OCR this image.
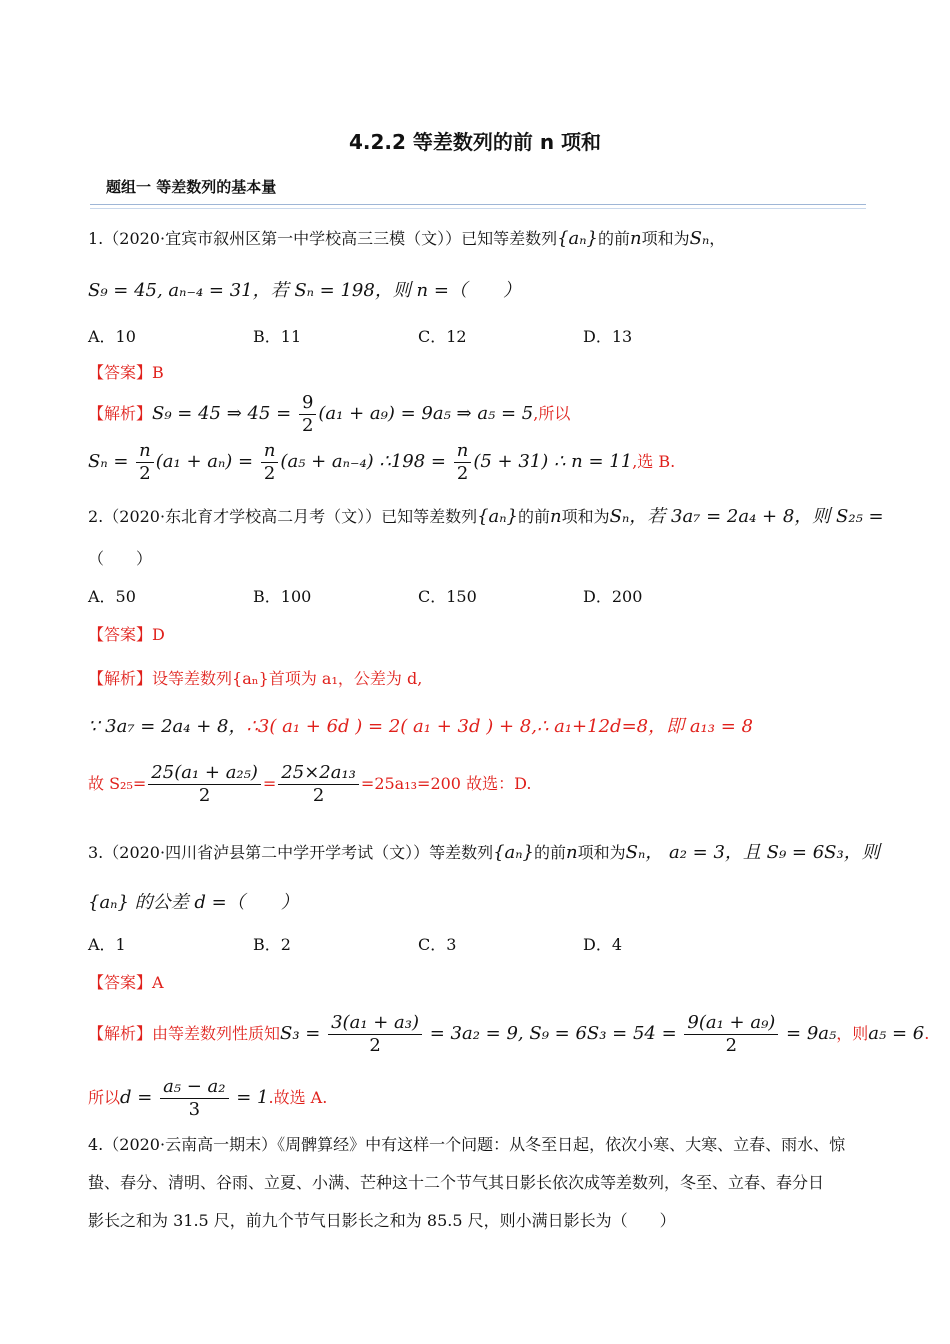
4.2.2 等差数列的前 n 项和
题组一 等差数列的基本量
1.（2020·宜宾市叙州区第一中学校高三三模（文））已知等差数列{aₙ}的前n项和为Sₙ，
S₉ = 45, aₙ₋₄ = 31，若 Sₙ = 198，则 n =（　　）
A．10	B．11	C．12	D．13
【答案】B
【解析】S₉ = 45 ⇒ $45 = \frac{9}{2} (a_1 + a_9) = 9a_5$ ⇒ a₅ = 5,所以
$S_n = \frac{n}{2} (a_1 + a_n) = \frac{n}{2} (a_5 + a_{n-4})$ ∴198 = $\frac{n}{2} (5 + 31)$ ∴ n = 11,选 B.
2.（2020·东北育才学校高二月考（文））已知等差数列{aₙ}的前n项和为Sₙ，若 3a₇ = 2a₄ + 8，则 S₂₅ =
（　　）
A．50	B．100	C．150	D．200
【答案】D
【解析】设等差数列{aₙ}首项为 a₁，公差为 d,
∵ 3a₇ = 2a₄ + 8，∴3( a₁ + 6d ) = 2( a₁ + 3d ) + 8,∴ a₁+12d=8，即 a₁₃ = 8
故 $S_{25}= \frac{\text{25(a₁ + a₂₅)}}{2} = \frac{\text{25×2a₁₃}}{2} =25a_{13}=200$ 故选：D.
3.（2020·四川省泸县第二中学开学考试（文））等差数列{aₙ}的前n项和为Sₙ， a₂ = 3，且 S₉ = 6S₃，则
{aₙ} 的公差 d =（　　）
A．1	B．2	C．3	D．4
【答案】A
【解析】由等差数列性质知$S_3 = \frac{\text{3(a₁ + a₃)}}{2} = 3a_2 = 9$, $S_9 = 6S_3 = 54 = \frac{\text{9(a₁ + a₉)}}{2} = 9a_5$，则a₅ = 6.
所以$d = \frac{\text{a₅ − a₂}}{3} = 1$.故选 A.
4.（2020·云南高一期末）《周髀算经》中有这样一个问题：从冬至日起，依次小寒、大寒、立春、雨水、惊
蛰、春分、清明、谷雨、立夏、小满、芒种这十二个节气其日影长依次成等差数列，冬至、立春、春分日
影长之和为 31.5 尺，前九个节气日影长之和为 85.5 尺，则小满日影长为（　　）
